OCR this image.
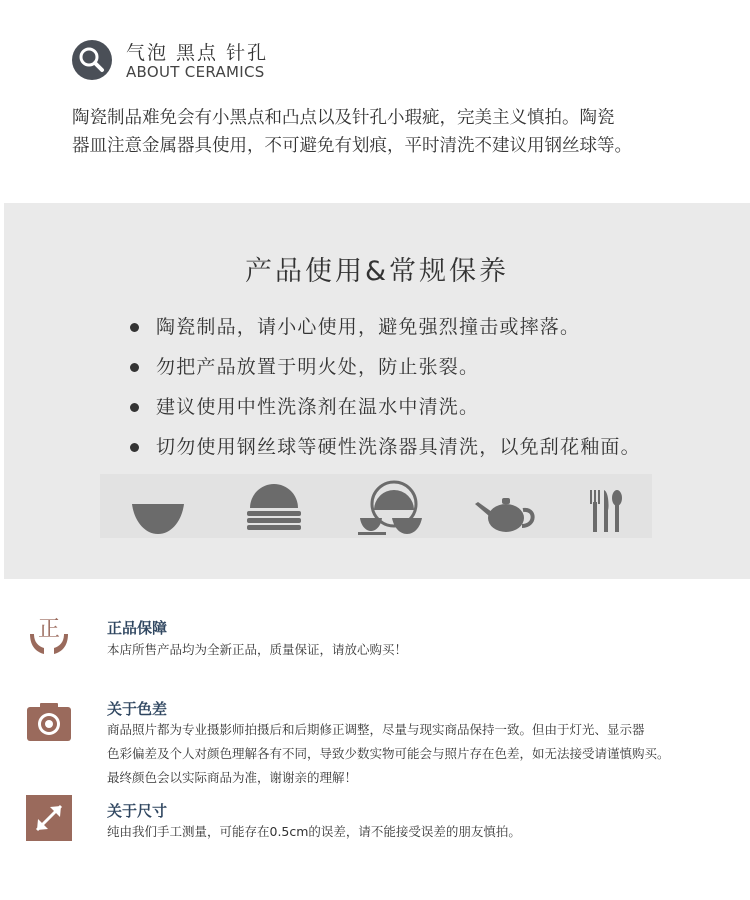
气泡 黑点 针孔
ABOUT CERAMICS
陶瓷制品难免会有小黑点和凸点以及针孔小瑕疵，完美主义慎拍。陶瓷
器皿注意金属器具使用，不可避免有划痕，平时清洗不建议用钢丝球等。
产品使用&常规保养
陶瓷制品，请小心使用，避免强烈撞击或摔落。
勿把产品放置于明火处，防止张裂。
建议使用中性洗涤剂在温水中清洗。
切勿使用钢丝球等硬性洗涤器具清洗，以免刮花釉面。
正	正品保障
本店所售产品均为全新正品，质量保证，请放心购买！
关于色差
商品照片都为专业摄影师拍摄后和后期修正调整，尽量与现实商品保持一致。但由于灯光、显示器
色彩偏差及个人对颜色理解各有不同，导致少数实物可能会与照片存在色差，如无法接受请谨慎购买。
最终颜色会以实际商品为准，谢谢亲的理解！
关于尺寸
纯由我们手工测量，可能存在0.5cm的误差，请不能接受误差的朋友慎拍。
